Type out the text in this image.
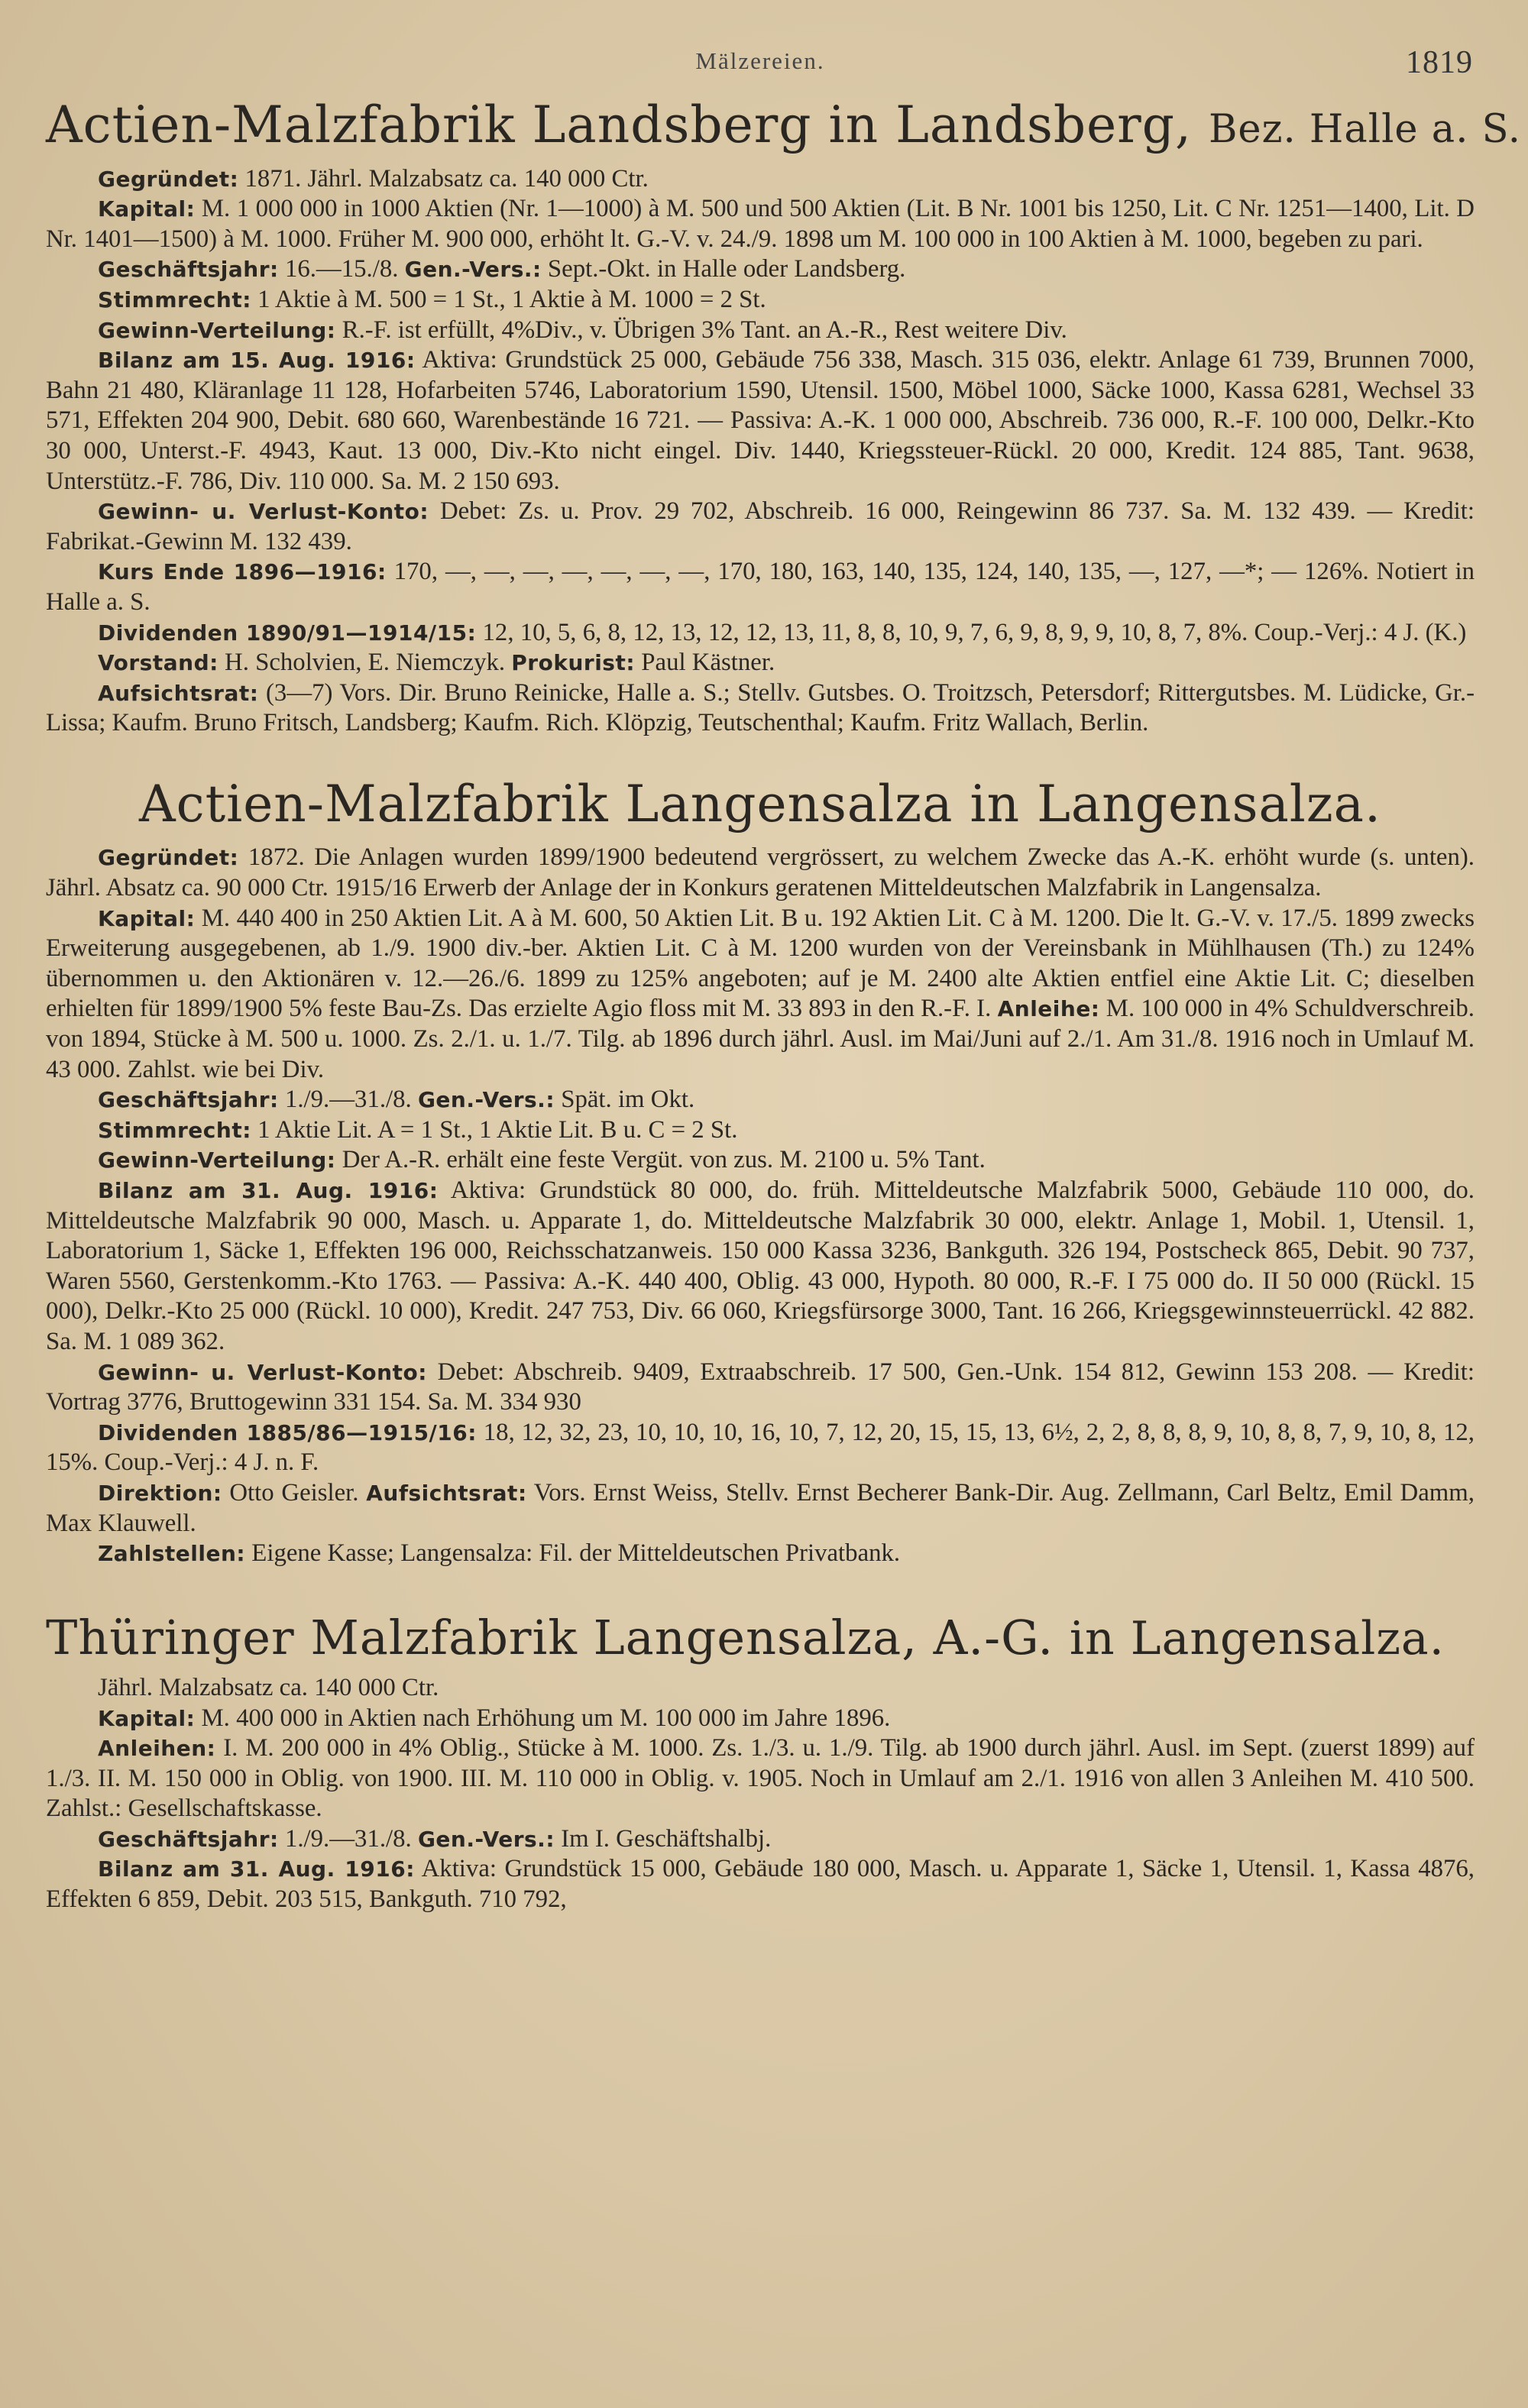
Mälzereien.	1819
Actien-Malzfabrik Landsberg in Landsberg, Bez. Halle a. S.

Gegründet: 1871. Jährl. Malzabsatz ca. 140 000 Ctr.

Kapital: M. 1 000 000 in 1000 Aktien (Nr. 1—1000) à M. 500 und 500 Aktien (Lit. B Nr. 1001 bis 1250, Lit. C Nr. 1251—1400, Lit. D Nr. 1401—1500) à M. 1000. Früher M. 900 000, erhöht lt. G.-V. v. 24./9. 1898 um M. 100 000 in 100 Aktien à M. 1000, begeben zu pari.

Geschäftsjahr: 16.—15./8. Gen.-Vers.: Sept.-Okt. in Halle oder Landsberg.

Stimmrecht: 1 Aktie à M. 500 = 1 St., 1 Aktie à M. 1000 = 2 St.

Gewinn-Verteilung: R.-F. ist erfüllt, 4%Div., v. Übrigen 3% Tant. an A.-R., Rest weitere Div.

Bilanz am 15. Aug. 1916: Aktiva: Grundstück 25 000, Gebäude 756 338, Masch. 315 036, elektr. Anlage 61 739, Brunnen 7000, Bahn 21 480, Kläranlage 11 128, Hofarbeiten 5746, Laboratorium 1590, Utensil. 1500, Möbel 1000, Säcke 1000, Kassa 6281, Wechsel 33 571, Effekten 204 900, Debit. 680 660, Warenbestände 16 721. — Passiva: A.-K. 1 000 000, Abschreib. 736 000, R.-F. 100 000, Delkr.-Kto 30 000, Unterst.-F. 4943, Kaut. 13 000, Div.-Kto nicht eingel. Div. 1440, Kriegssteuer-Rückl. 20 000, Kredit. 124 885, Tant. 9638, Unterstütz.-F. 786, Div. 110 000. Sa. M. 2 150 693.

Gewinn- u. Verlust-Konto: Debet: Zs. u. Prov. 29 702, Abschreib. 16 000, Reingewinn 86 737. Sa. M. 132 439. — Kredit: Fabrikat.-Gewinn M. 132 439.

Kurs Ende 1896—1916: 170, —, —, —, —, —, —, —, 170, 180, 163, 140, 135, 124, 140, 135, —, 127, —*; — 126%. Notiert in Halle a. S.

Dividenden 1890/91—1914/15: 12, 10, 5, 6, 8, 12, 13, 12, 12, 13, 11, 8, 8, 10, 9, 7, 6, 9, 8, 9, 9, 10, 8, 7, 8%. Coup.-Verj.: 4 J. (K.)

Vorstand: H. Scholvien, E. Niemczyk. Prokurist: Paul Kästner.

Aufsichtsrat: (3—7) Vors. Dir. Bruno Reinicke, Halle a. S.; Stellv. Gutsbes. O. Troitzsch, Petersdorf; Rittergutsbes. M. Lüdicke, Gr.-Lissa; Kaufm. Bruno Fritsch, Landsberg; Kaufm. Rich. Klöpzig, Teutschenthal; Kaufm. Fritz Wallach, Berlin.

Actien-Malzfabrik Langensalza in Langensalza.

Gegründet: 1872. Die Anlagen wurden 1899/1900 bedeutend vergrössert, zu welchem Zwecke das A.-K. erhöht wurde (s. unten). Jährl. Absatz ca. 90 000 Ctr. 1915/16 Erwerb der Anlage der in Konkurs geratenen Mitteldeutschen Malzfabrik in Langensalza.

Kapital: M. 440 400 in 250 Aktien Lit. A à M. 600, 50 Aktien Lit. B u. 192 Aktien Lit. C à M. 1200. Die lt. G.-V. v. 17./5. 1899 zwecks Erweiterung ausgegebenen, ab 1./9. 1900 div.-ber. Aktien Lit. C à M. 1200 wurden von der Vereinsbank in Mühlhausen (Th.) zu 124% übernommen u. den Aktionären v. 12.—26./6. 1899 zu 125% angeboten; auf je M. 2400 alte Aktien entfiel eine Aktie Lit. C; dieselben erhielten für 1899/1900 5% feste Bau-Zs. Das erzielte Agio floss mit M. 33 893 in den R.-F. I. Anleihe: M. 100 000 in 4% Schuldverschreib. von 1894, Stücke à M. 500 u. 1000. Zs. 2./1. u. 1./7. Tilg. ab 1896 durch jährl. Ausl. im Mai/Juni auf 2./1. Am 31./8. 1916 noch in Umlauf M. 43 000. Zahlst. wie bei Div.

Geschäftsjahr: 1./9.—31./8. Gen.-Vers.: Spät. im Okt.

Stimmrecht: 1 Aktie Lit. A = 1 St., 1 Aktie Lit. B u. C = 2 St.

Gewinn-Verteilung: Der A.-R. erhält eine feste Vergüt. von zus. M. 2100 u. 5% Tant.

Bilanz am 31. Aug. 1916: Aktiva: Grundstück 80 000, do. früh. Mitteldeutsche Malzfabrik 5000, Gebäude 110 000, do. Mitteldeutsche Malzfabrik 90 000, Masch. u. Apparate 1, do. Mitteldeutsche Malzfabrik 30 000, elektr. Anlage 1, Mobil. 1, Utensil. 1, Laboratorium 1, Säcke 1, Effekten 196 000, Reichsschatzanweis. 150 000 Kassa 3236, Bankguth. 326 194, Postscheck 865, Debit. 90 737, Waren 5560, Gerstenkomm.-Kto 1763. — Passiva: A.-K. 440 400, Oblig. 43 000, Hypoth. 80 000, R.-F. I 75 000 do. II 50 000 (Rückl. 15 000), Delkr.-Kto 25 000 (Rückl. 10 000), Kredit. 247 753, Div. 66 060, Kriegsfürsorge 3000, Tant. 16 266, Kriegsgewinnsteuerrückl. 42 882. Sa. M. 1 089 362.

Gewinn- u. Verlust-Konto: Debet: Abschreib. 9409, Extraabschreib. 17 500, Gen.-Unk. 154 812, Gewinn 153 208. — Kredit: Vortrag 3776, Bruttogewinn 331 154. Sa. M. 334 930

Dividenden 1885/86—1915/16: 18, 12, 32, 23, 10, 10, 10, 16, 10, 7, 12, 20, 15, 15, 13, 6½, 2, 2, 8, 8, 8, 9, 10, 8, 8, 7, 9, 10, 8, 12, 15%. Coup.-Verj.: 4 J. n. F.

Direktion: Otto Geisler. Aufsichtsrat: Vors. Ernst Weiss, Stellv. Ernst Becherer Bank-Dir. Aug. Zellmann, Carl Beltz, Emil Damm, Max Klauwell.

Zahlstellen: Eigene Kasse; Langensalza: Fil. der Mitteldeutschen Privatbank.

Thüringer Malzfabrik Langensalza, A.-G. in Langensalza.

Jährl. Malzabsatz ca. 140 000 Ctr.

Kapital: M. 400 000 in Aktien nach Erhöhung um M. 100 000 im Jahre 1896.

Anleihen: I. M. 200 000 in 4% Oblig., Stücke à M. 1000. Zs. 1./3. u. 1./9. Tilg. ab 1900 durch jährl. Ausl. im Sept. (zuerst 1899) auf 1./3. II. M. 150 000 in Oblig. von 1900. III. M. 110 000 in Oblig. v. 1905. Noch in Umlauf am 2./1. 1916 von allen 3 Anleihen M. 410 500. Zahlst.: Gesellschaftskasse.

Geschäftsjahr: 1./9.—31./8. Gen.-Vers.: Im I. Geschäftshalbj.

Bilanz am 31. Aug. 1916: Aktiva: Grundstück 15 000, Gebäude 180 000, Masch. u. Apparate 1, Säcke 1, Utensil. 1, Kassa 4876, Effekten 6 859, Debit. 203 515, Bankguth. 710 792,
